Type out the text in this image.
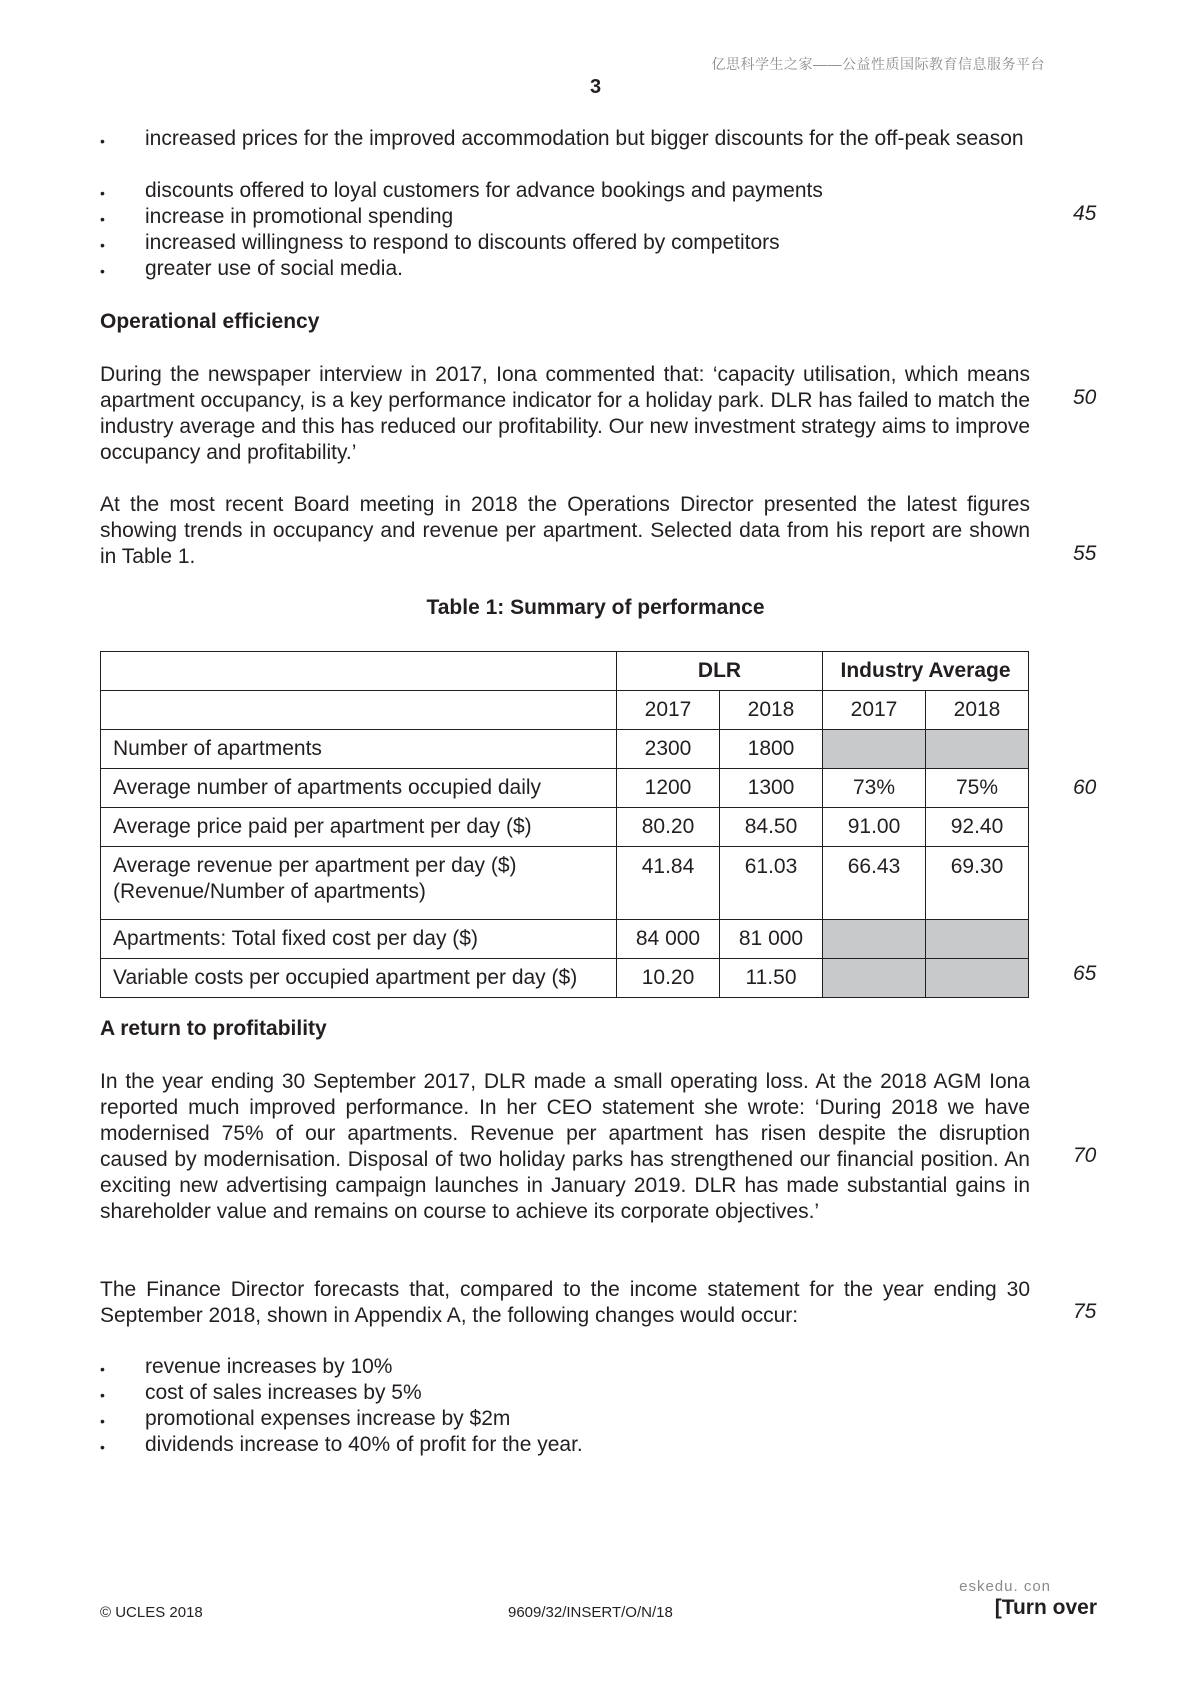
亿思科学生之家——公益性质国际教育信息服务平台
3
• increased prices for the improved accommodation but bigger discounts for the off-peak season
• discounts offered to loyal customers for advance bookings and payments
• increase in promotional spending
• increased willingness to respond to discounts offered by competitors
• greater use of social media.
45
50
55
60
65
70
75
Operational efficiency
During the newspaper interview in 2017, Iona commented that: ‘capacity utilisation, which means apartment occupancy, is a key performance indicator for a holiday park. DLR has failed to match the industry average and this has reduced our profitability. Our new investment strategy aims to improve occupancy and profitability.’
At the most recent Board meeting in 2018 the Operations Director presented the latest figures showing trends in occupancy and revenue per apartment. Selected data from his report are shown in Table 1.
Table 1: Summary of performance
	DLR		Industry Average	
	2017	2018	2017	2018
Number of apartments	2300	1800		
Average number of apartments occupied daily	1200	1300	73%	75%
Average price paid per apartment per day ($)	80.20	84.50	91.00	92.40

Average revenue per apartment per day ($)
(Revenue/Number of apartments)	41.84	61.03	66.43	69.30
Apartments: Total fixed cost per day ($)	84 000	81 000		
Variable costs per occupied apartment per day ($)	10.20	11.50		
A return to profitability
In the year ending 30 September 2017, DLR made a small operating loss. At the 2018 AGM Iona reported much improved performance. In her CEO statement she wrote: ‘During 2018 we have modernised 75% of our apartments. Revenue per apartment has risen despite the disruption caused by modernisation. Disposal of two holiday parks has strengthened our financial position. An exciting new advertising campaign launches in January 2019. DLR has made substantial gains in shareholder value and remains on course to achieve its corporate objectives.’
The Finance Director forecasts that, compared to the income statement for the year ending 30 September 2018, shown in Appendix A, the following changes would occur:
• revenue increases by 10%
• cost of sales increases by 5%
• promotional expenses increase by $2m
• dividends increase to 40% of profit for the year.
eskedu. con
© UCLES 2018	9609/32/INSERT/O/N/18	[Turn over
